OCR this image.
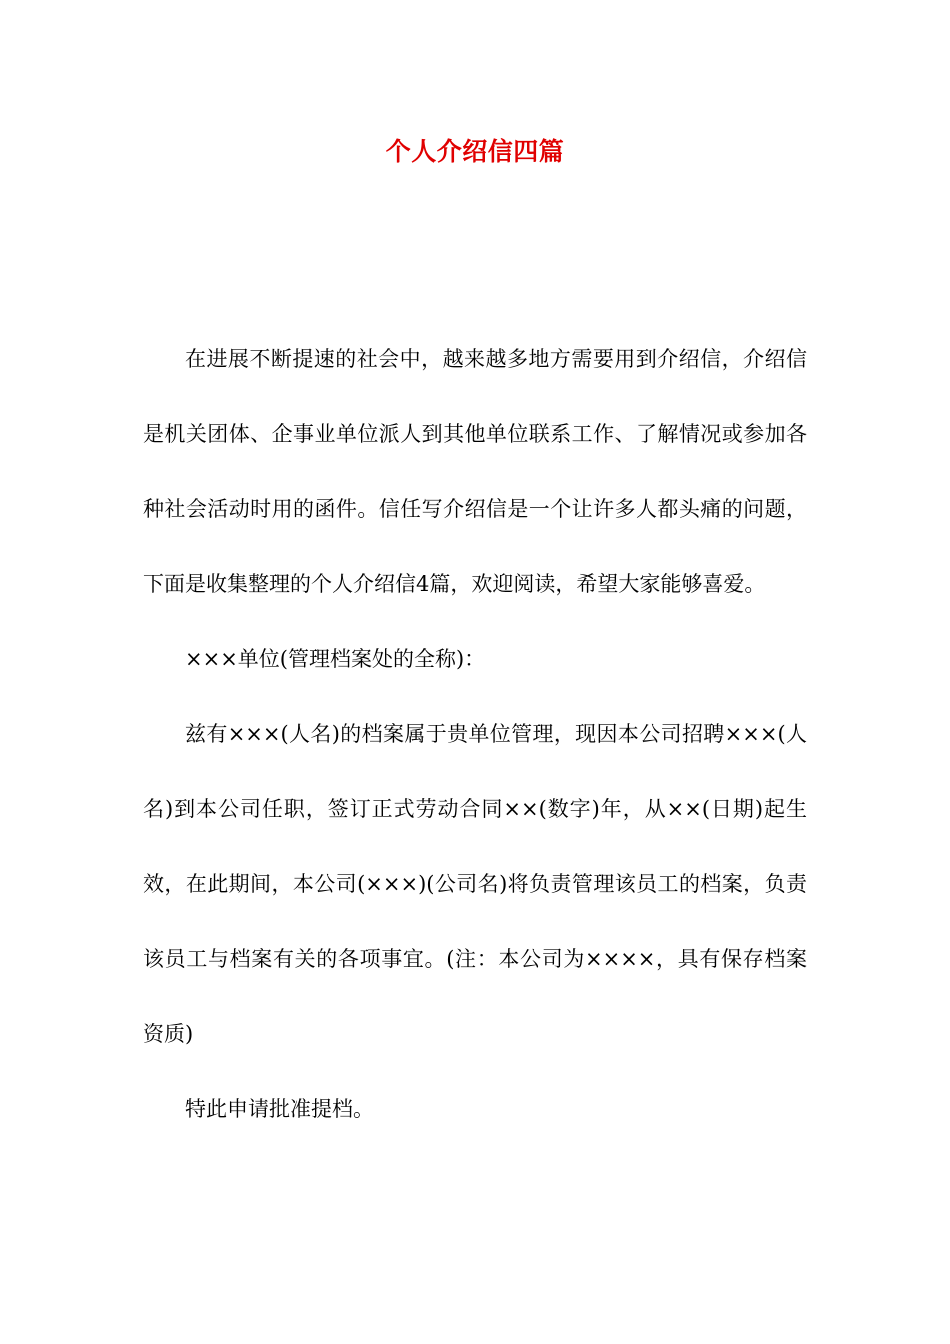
个人介绍信四篇

在进展不断提速的社会中，越来越多地方需要用到介绍信，介绍信是机关团体、企事业单位派人到其他单位联系工作、了解情况或参加各种社会活动时用的函件。信任写介绍信是一个让许多人都头痛的问题，下面是收集整理的个人介绍信4篇，欢迎阅读，希望大家能够喜爱。

×××单位(管理档案处的全称)：

兹有×××(人名)的档案属于贵单位管理，现因本公司招聘×××(人名)到本公司任职，签订正式劳动合同××(数字)年，从××(日期)起生效，在此期间，本公司(×××)(公司名)将负责管理该员工的档案，负责该员工与档案有关的各项事宜。(注：本公司为××××，具有保存档案资质)

特此申请批准提档。
